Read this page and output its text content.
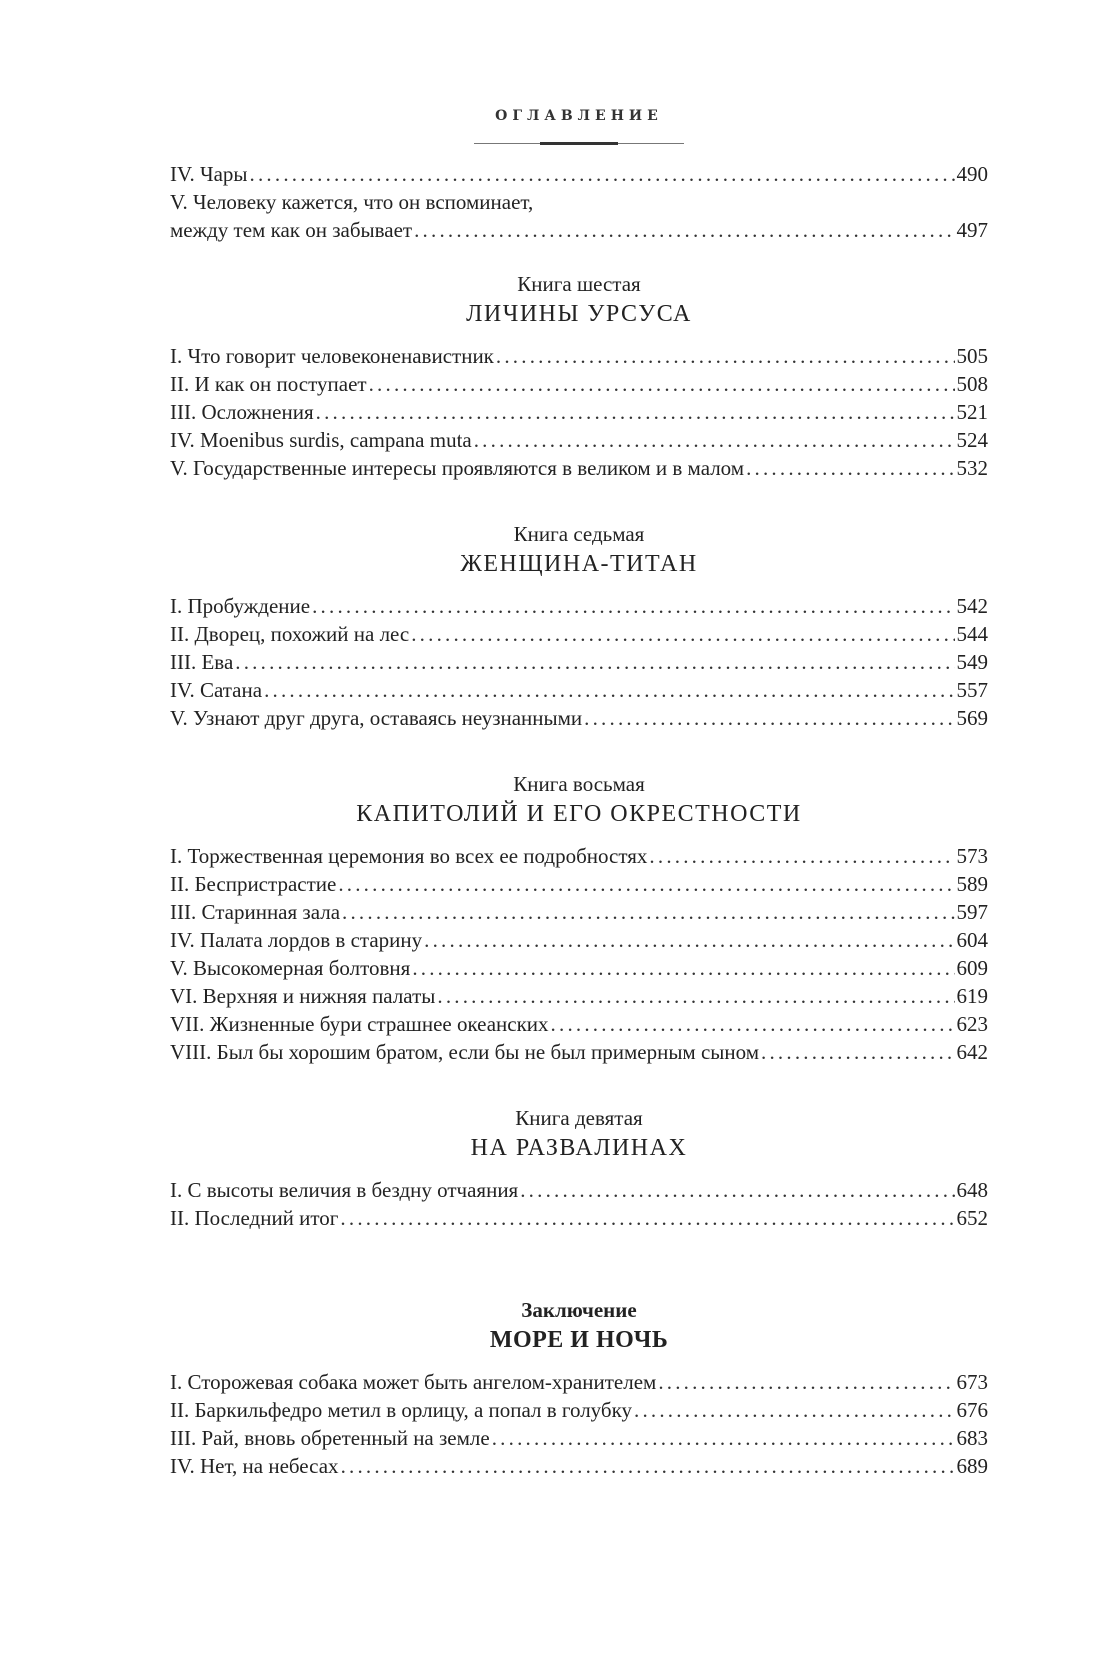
ОГЛАВЛЕНИЕ
IV. Чары .....	490
V. Человеку кажется, что он вспоминает,
между тем как он забывает .....	497
Книга шестая
ЛИЧИНЫ УРСУСА
I. Что говорит человеконенавистник .....	505
II. И как он поступает .....	508
III. Осложнения .....	521
IV. Moenibus surdis, campana muta .....	524
V. Государственные интересы проявляются в великом и в малом .....	532
Книга седьмая
ЖЕНЩИНА-ТИТАН
I. Пробуждение .....	542
II. Дворец, похожий на лес .....	544
III. Ева .....	549
IV. Сатана .....	557
V. Узнают друг друга, оставаясь неузнанными .....	569
Книга восьмая
КАПИТОЛИЙ И ЕГО ОКРЕСТНОСТИ
I. Торжественная церемония во всех ее подробностях .....	573
II. Беспристрастие .....	589
III. Старинная зала .....	597
IV. Палата лордов в старину .....	604
V. Высокомерная болтовня .....	609
VI. Верхняя и нижняя палаты .....	619
VII. Жизненные бури страшнее океанских .....	623
VIII. Был бы хорошим братом, если бы не был примерным сыном .....	642
Книга девятая
НА РАЗВАЛИНАХ
I. С высоты величия в бездну отчаяния .....	648
II. Последний итог .....	652
Заключение
МОРЕ И НОЧЬ
I. Сторожевая собака может быть ангелом-хранителем .....	673
II. Баркильфедро метил в орлицу, а попал в голубку .....	676
III. Рай, вновь обретенный на земле .....	683
IV. Нет, на небесах .....	689
